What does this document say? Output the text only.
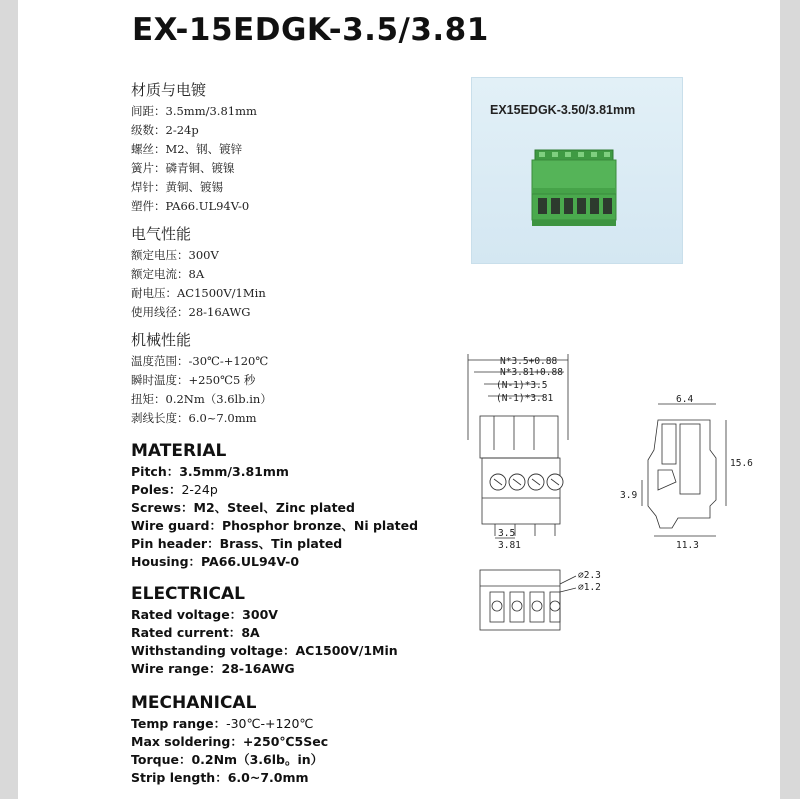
EX-15EDGK-3.5/3.81
材质与电镀
间距：3.5mm/3.81mm
级数：2-24p
螺丝：M2、钢、镀锌
簧片：磷青铜、镀镍
焊针：黄铜、镀锡
塑件：PA66.UL94V-0
电气性能
额定电压：300V
额定电流：8A
耐电压：AC1500V/1Min
使用线径：28-16AWG
机械性能
温度范围：-30℃-+120℃
瞬时温度：+250℃5 秒
扭矩：0.2Nm（3.6lb.in）
剥线长度：6.0~7.0mm
MATERIAL
Pitch：3.5mm/3.81mm
Poles：2-24p
Screws：M2、Steel、Zinc plated
Wire guard：Phosphor bronze、Ni plated
Pin header：Brass、Tin plated
Housing：PA66.UL94V-0
ELECTRICAL
Rated voltage：300V
Rated current：8A
Withstanding voltage：AC1500V/1Min
Wire range：28-16AWG
MECHANICAL
Temp range：-30℃-+120℃
Max soldering：+250℃5Sec
Torque：0.2Nm（3.6lb。in）
Strip length：6.0~7.0mm
EX15EDGK-3.50/3.81mm
N*3.5+0.88
N*3.81+0.88
(N-1)*3.5
(N-1)*3.81
3.5
3.81
6.4
15.6
3.9
11.3
⌀2.3
⌀1.2
